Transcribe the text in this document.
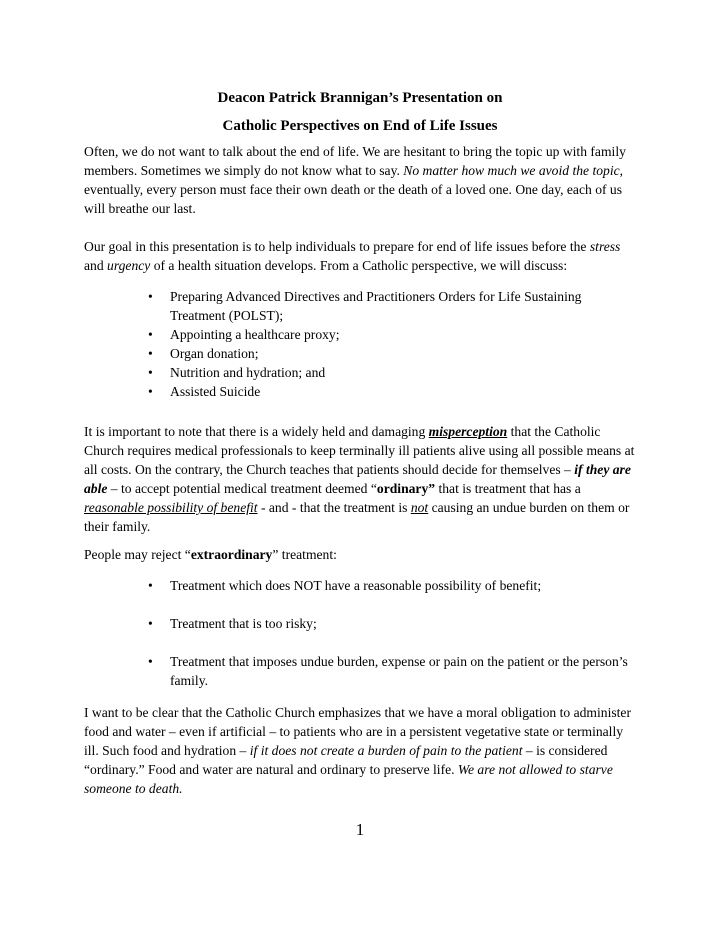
Deacon Patrick Brannigan’s Presentation on
Catholic Perspectives on End of Life Issues

Often, we do not want to talk about the end of life. We are hesitant to bring the topic up with family members. Sometimes we simply do not know what to say. No matter how much we avoid the topic, eventually, every person must face their own death or the death of a loved one. One day, each of us will breathe our last.

Our goal in this presentation is to help individuals to prepare for end of life issues before the stress and urgency of a health situation develops. From a Catholic perspective, we will discuss:

• Preparing Advanced Directives and Practitioners Orders for Life Sustaining Treatment (POLST);
• Appointing a healthcare proxy;
• Organ donation;
• Nutrition and hydration; and
• Assisted Suicide

It is important to note that there is a widely held and damaging misperception that the Catholic Church requires medical professionals to keep terminally ill patients alive using all possible means at all costs. On the contrary, the Church teaches that patients should decide for themselves – if they are able – to accept potential medical treatment deemed “ordinary” that is treatment that has a reasonable possibility of benefit - and - that the treatment is not causing an undue burden on them or their family.

People may reject “extraordinary” treatment:

• Treatment which does NOT have a reasonable possibility of benefit;
• Treatment that is too risky;
• Treatment that imposes undue burden, expense or pain on the patient or the person’s family.

I want to be clear that the Catholic Church emphasizes that we have a moral obligation to administer food and water – even if artificial – to patients who are in a persistent vegetative state or terminally ill. Such food and hydration – if it does not create a burden of pain to the patient – is considered “ordinary.” Food and water are natural and ordinary to preserve life. We are not allowed to starve someone to death.

1
